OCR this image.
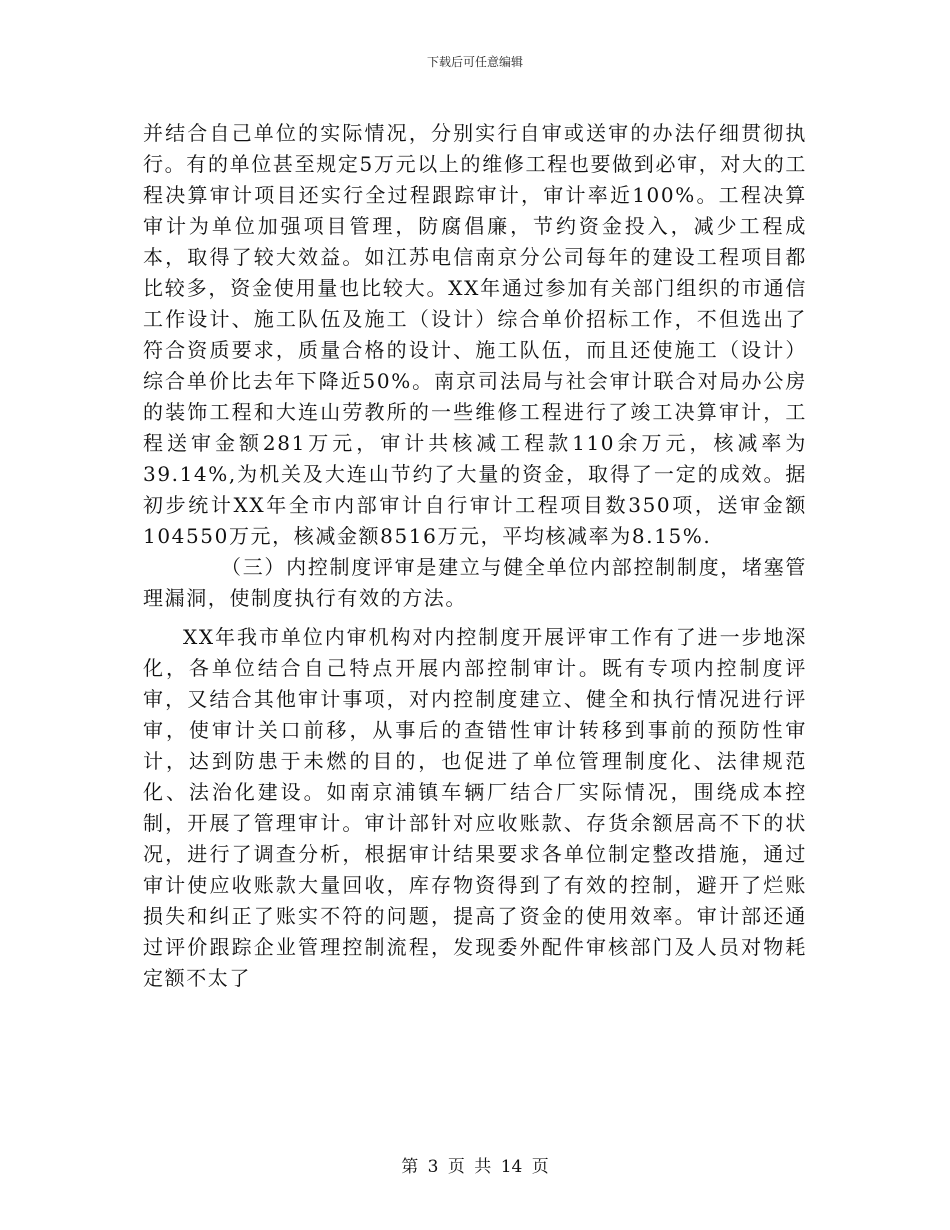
下载后可任意编辑

并结合自己单位的实际情况，分别实行自审或送审的办法仔细贯彻执行。有的单位甚至规定5万元以上的维修工程也要做到必审，对大的工程决算审计项目还实行全过程跟踪审计，审计率近100%。工程决算审计为单位加强项目管理，防腐倡廉，节约资金投入，减少工程成本，取得了较大效益。如江苏电信南京分公司每年的建设工程项目都比较多，资金使用量也比较大。XX年通过参加有关部门组织的市通信工作设计、施工队伍及施工（设计）综合单价招标工作，不但选出了符合资质要求，质量合格的设计、施工队伍，而且还使施工（设计）综合单价比去年下降近50%。南京司法局与社会审计联合对局办公房的装饰工程和大连山劳教所的一些维修工程进行了竣工决算审计，工程送审金额281万元，审计共核减工程款110余万元，核减率为39.14%,为机关及大连山节约了大量的资金，取得了一定的成效。据初步统计XX年全市内部审计自行审计工程项目数350项，送审金额104550万元，核减金额8516万元，平均核减率为8.15%.

（三）内控制度评审是建立与健全单位内部控制制度，堵塞管理漏洞，使制度执行有效的方法。

XX年我市单位内审机构对内控制度开展评审工作有了进一步地深化，各单位结合自己特点开展内部控制审计。既有专项内控制度评审，又结合其他审计事项，对内控制度建立、健全和执行情况进行评审，使审计关口前移，从事后的查错性审计转移到事前的预防性审计，达到防患于未燃的目的，也促进了单位管理制度化、法律规范化、法治化建设。如南京浦镇车辆厂结合厂实际情况，围绕成本控制，开展了管理审计。审计部针对应收账款、存货余额居高不下的状况，进行了调查分析，根据审计结果要求各单位制定整改措施，通过审计使应收账款大量回收，库存物资得到了有效的控制，避开了烂账损失和纠正了账实不符的问题，提高了资金的使用效率。审计部还通过评价跟踪企业管理控制流程，发现委外配件审核部门及人员对物耗定额不太了

第 3 页 共 14 页
